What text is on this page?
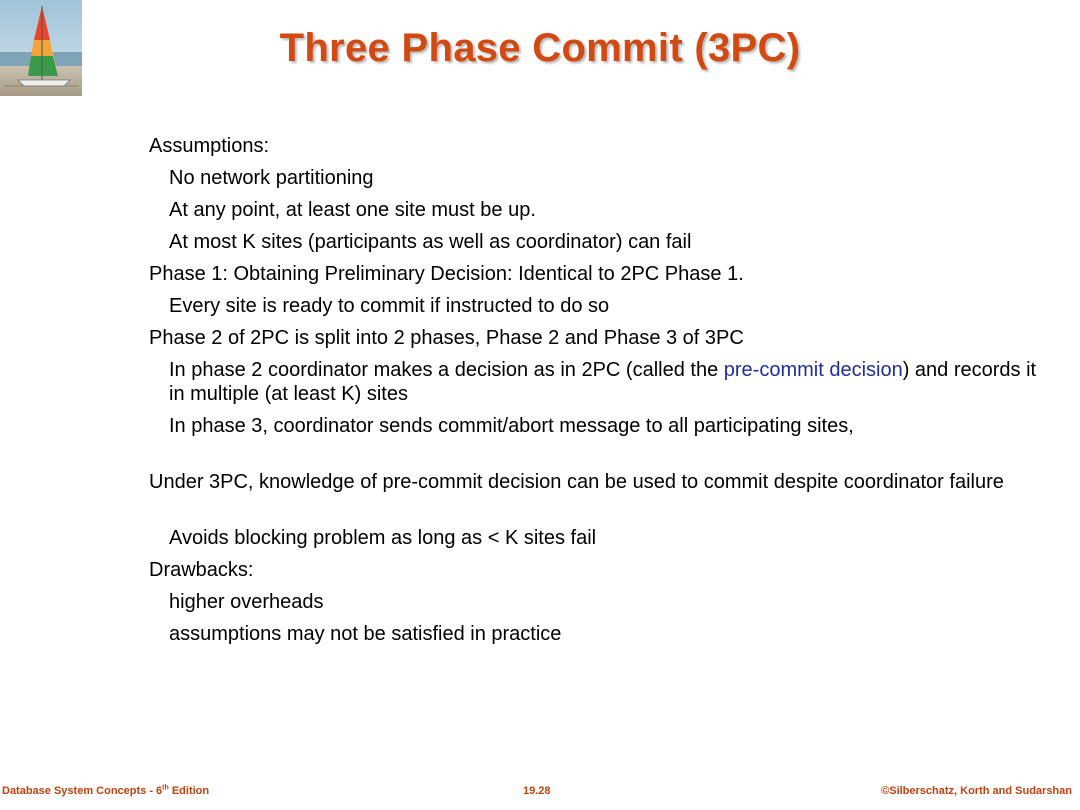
Three Phase Commit (3PC)
Assumptions:
No network partitioning
At any point, at least one site must be up.
At most K sites (participants as well as coordinator) can fail
Phase 1: Obtaining Preliminary Decision: Identical to 2PC Phase 1.
Every site is ready to commit if instructed to do so
Phase 2 of 2PC is split into 2 phases, Phase 2 and Phase 3 of 3PC
In phase 2 coordinator makes a decision as in 2PC (called the pre-commit decision) and records it in multiple (at least K) sites
In phase 3, coordinator sends commit/abort message to all participating sites,
Under 3PC, knowledge of pre-commit decision can be used to commit despite coordinator failure
Avoids blocking problem as long as < K sites fail
Drawbacks:
higher overheads
assumptions may not be satisfied in practice
Database System Concepts - 6th Edition	19.28	©Silberschatz, Korth and Sudarshan
